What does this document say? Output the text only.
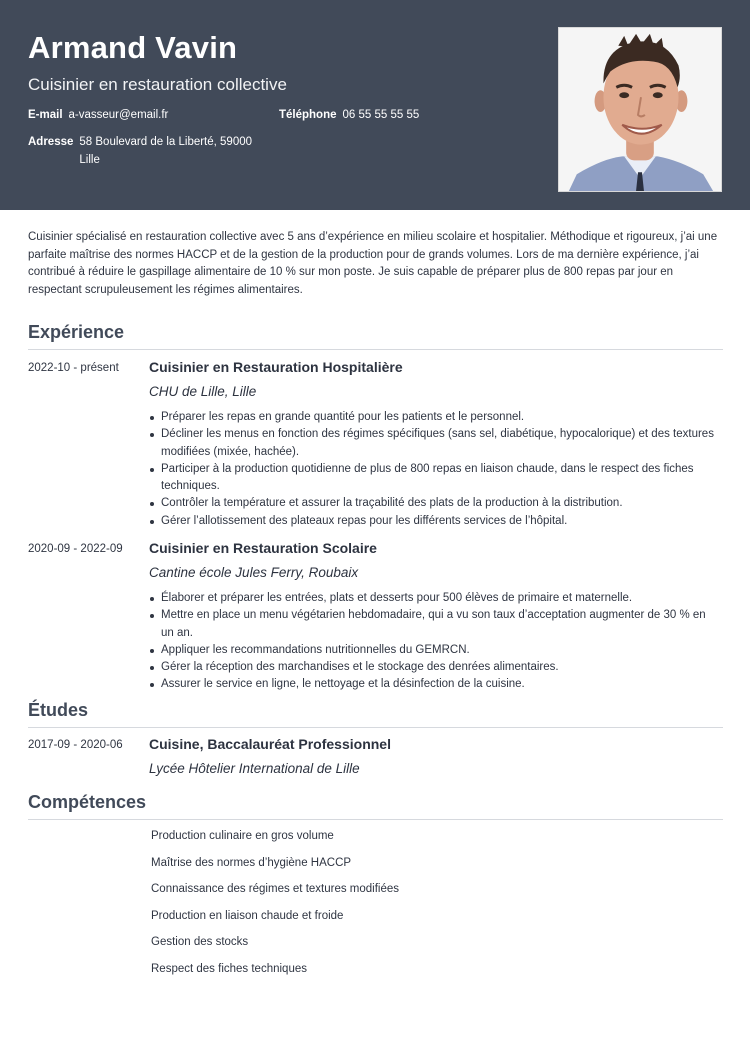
Armand Vavin
Cuisinier en restauration collective
E-mail a-vasseur@email.fr	Téléphone 06 55 55 55 55
Adresse 58 Boulevard de la Liberté, 59000 Lille

Cuisinier spécialisé en restauration collective avec 5 ans d’expérience en milieu scolaire et hospitalier. Méthodique et rigoureux, j’ai une parfaite maîtrise des normes HACCP et de la gestion de la production pour de grands volumes. Lors de ma dernière expérience, j’ai contribué à réduire le gaspillage alimentaire de 10 % sur mon poste. Je suis capable de préparer plus de 800 repas par jour en respectant scrupuleusement les régimes alimentaires.

Expérience
2022-10 - présent Cuisinier en Restauration Hospitalière
CHU de Lille, Lille
Préparer les repas en grande quantité pour les patients et le personnel.
Décliner les menus en fonction des régimes spécifiques (sans sel, diabétique, hypocalorique) et des textures modifiées (mixée, hachée).
Participer à la production quotidienne de plus de 800 repas en liaison chaude, dans le respect des fiches techniques.
Contrôler la température et assurer la traçabilité des plats de la production à la distribution.
Gérer l’allotissement des plateaux repas pour les différents services de l’hôpital.
2020-09 - 2022-09 Cuisinier en Restauration Scolaire
Cantine école Jules Ferry, Roubaix
Élaborer et préparer les entrées, plats et desserts pour 500 élèves de primaire et maternelle.
Mettre en place un menu végétarien hebdomadaire, qui a vu son taux d’acceptation augmenter de 30 % en un an.
Appliquer les recommandations nutritionnelles du GEMRCN.
Gérer la réception des marchandises et le stockage des denrées alimentaires.
Assurer le service en ligne, le nettoyage et la désinfection de la cuisine.
Études
2017-09 - 2020-06 Cuisine, Baccalauréat Professionnel
Lycée Hôtelier International de Lille
Compétences
Production culinaire en gros volume
Maîtrise des normes d’hygiène HACCP
Connaissance des régimes et textures modifiées
Production en liaison chaude et froide
Gestion des stocks
Respect des fiches techniques
